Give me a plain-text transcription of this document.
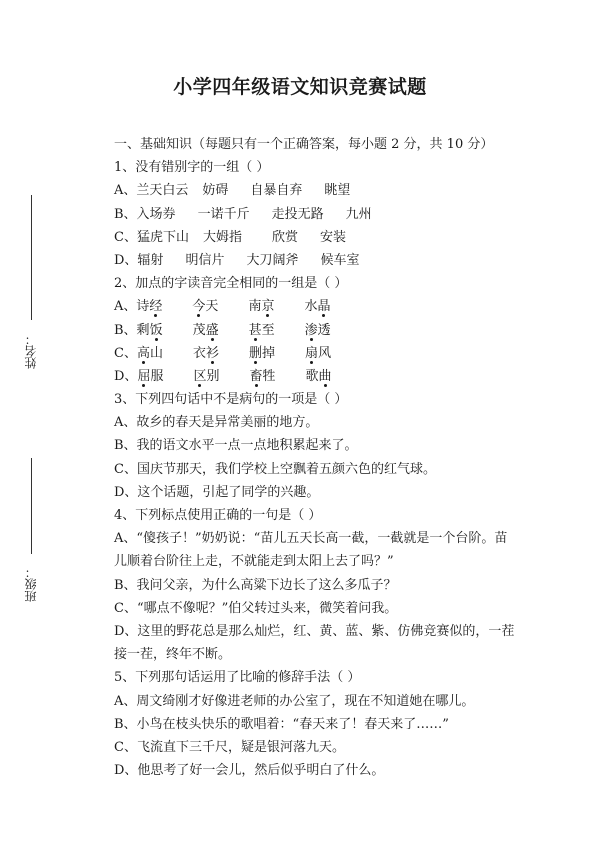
小学四年级语文知识竞赛试题
姓名：
班级：
一、基础知识（每题只有一个正确答案，每小题 2 分，共 10 分）
1、没有错别字的一组（ ）
A、兰天白云 妨碍 自暴自弃 眺望
B、入场券 一诺千斤 走投无路 九州
C、猛虎下山 大姆指 欣赏 安装
D、辐射 明信片 大刀阔斧 候车室
2、加点的字读音完全相同的一组是（ ）
A、诗经 今天 南京 水晶
B、剩饭 茂盛 甚至 渗透
C、高山 衣衫 删掉 扇风
D、屈服 区别 畜牲 歌曲
3、下列四句话中不是病句的一项是（ ）
A、故乡的春天是异常美丽的地方。
B、我的语文水平一点一点地积累起来了。
C、国庆节那天，我们学校上空飘着五颜六色的红气球。
D、这个话题，引起了同学的兴趣。
4、下列标点使用正确的一句是（ ）
A、“傻孩子！”奶奶说：“苗儿五天长高一截，一截就是一个台阶。苗
儿顺着台阶往上走，不就能走到太阳上去了吗？”
B、我问父亲，为什么高粱下边长了这么多瓜子？
C、“哪点不像呢？”伯父转过头来，微笑着问我。
D、这里的野花总是那么灿烂，红、黄、蓝、紫、仿佛竞赛似的，一茬
接一茬，终年不断。
5、下列那句话运用了比喻的修辞手法（ ）
A、周文绮刚才好像进老师的办公室了，现在不知道她在哪儿。
B、小鸟在枝头快乐的歌唱着：“春天来了！春天来了……”
C、飞流直下三千尺，疑是银河落九天。
D、他思考了好一会儿，然后似乎明白了什么。
